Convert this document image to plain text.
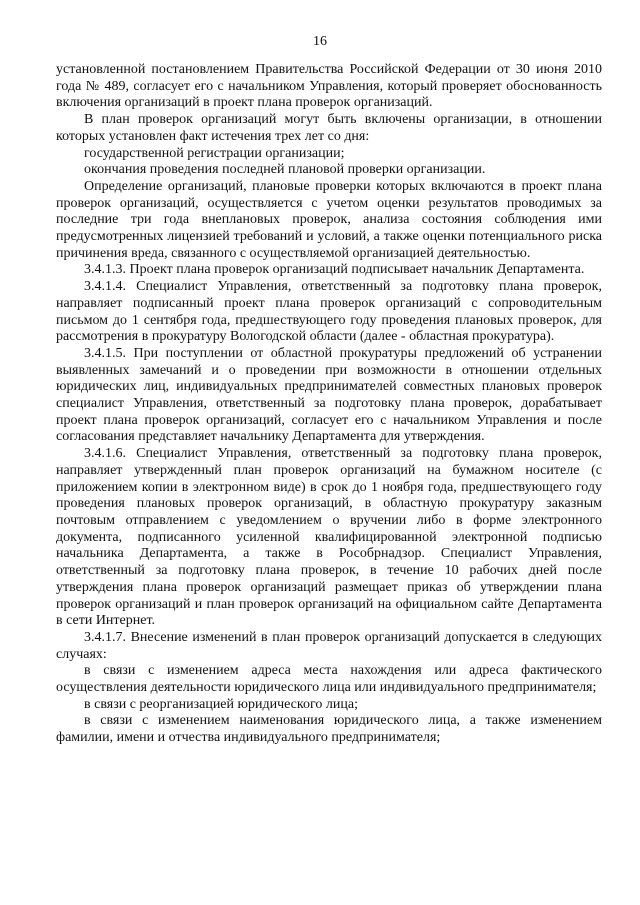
16

установленной постановлением Правительства Российской Федерации от 30 июня 2010 года № 489, согласует его с начальником Управления, который проверяет обоснованность включения организаций в проект плана проверок организаций.

В план проверок организаций могут быть включены организации, в отношении которых установлен факт истечения трех лет со дня:

государственной регистрации организации;

окончания проведения последней плановой проверки организации.

Определение организаций, плановые проверки которых включаются в проект плана проверок организаций, осуществляется с учетом оценки результатов проводимых за последние три года внеплановых проверок, анализа состояния соблюдения ими предусмотренных лицензией требований и условий, а также оценки потенциального риска причинения вреда, связанного с осуществляемой организацией деятельностью.

3.4.1.3. Проект плана проверок организаций подписывает начальник Департамента.

3.4.1.4. Специалист Управления, ответственный за подготовку плана проверок, направляет подписанный проект плана проверок организаций с сопроводительным письмом до 1 сентября года, предшествующего году проведения плановых проверок, для рассмотрения в прокуратуру Вологодской области (далее - областная прокуратура).

3.4.1.5. При поступлении от областной прокуратуры предложений об устранении выявленных замечаний и о проведении при возможности в отношении отдельных юридических лиц, индивидуальных предпринимателей совместных плановых проверок специалист Управления, ответственный за подготовку плана проверок, дорабатывает проект плана проверок организаций, согласует его с начальником Управления и после согласования представляет начальнику Департамента для утверждения.

3.4.1.6. Специалист Управления, ответственный за подготовку плана проверок, направляет утвержденный план проверок организаций на бумажном носителе (с приложением копии в электронном виде) в срок до 1 ноября года, предшествующего году проведения плановых проверок организаций, в областную прокуратуру заказным почтовым отправлением с уведомлением о вручении либо в форме электронного документа, подписанного усиленной квалифицированной электронной подписью начальника Департамента, а также в Рособрнадзор. Специалист Управления, ответственный за подготовку плана проверок, в течение 10 рабочих дней после утверждения плана проверок организаций размещает приказ об утверждении плана проверок организаций и план проверок организаций на официальном сайте Департамента в сети Интернет.

3.4.1.7. Внесение изменений в план проверок организаций допускается в следующих случаях:

в связи с изменением адреса места нахождения или адреса фактического осуществления деятельности юридического лица или индивидуального предпринимателя;

в связи с реорганизацией юридического лица;

в связи с изменением наименования юридического лица, а также изменением фамилии, имени и отчества индивидуального предпринимателя;
